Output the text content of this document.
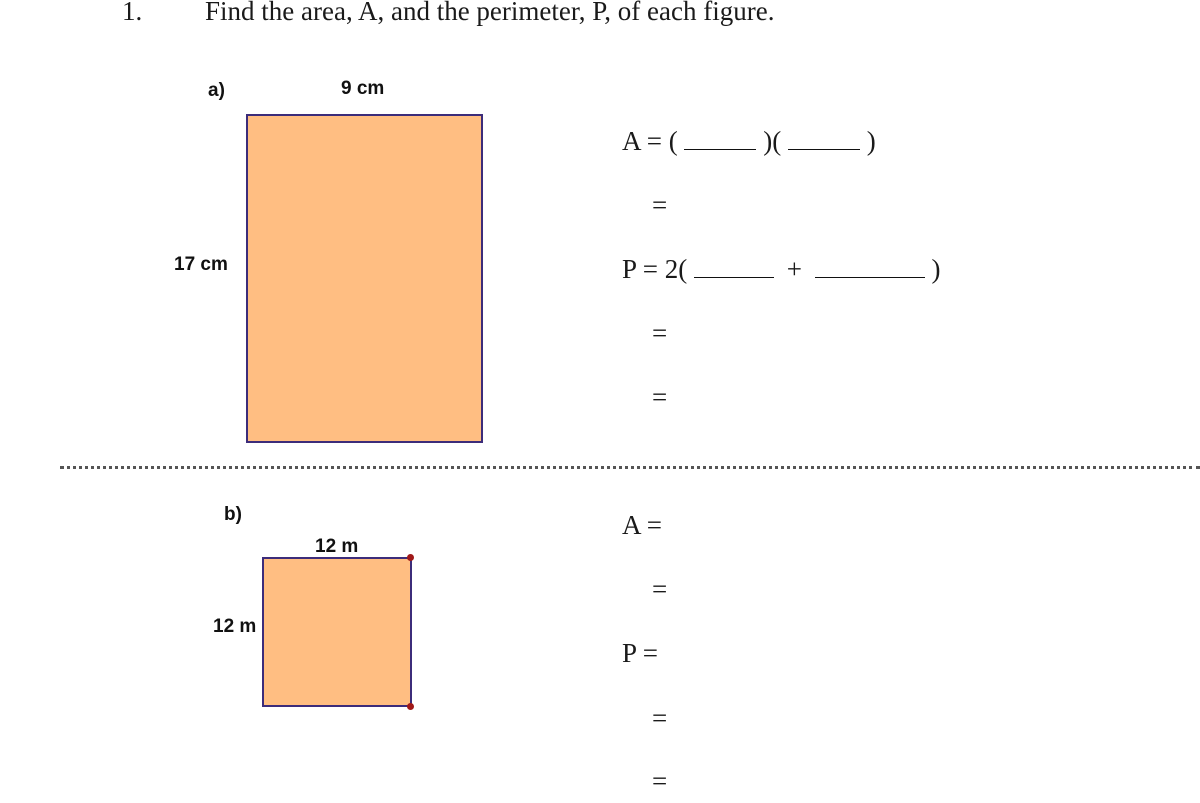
1. Find the area, A, and the perimeter, P, of each figure.
a)	9 cm
17 cm
A = (	)(	)
=
P = 2(	+	)
=
=
b)
12 m
12 m
A =
=
P =
=
=
